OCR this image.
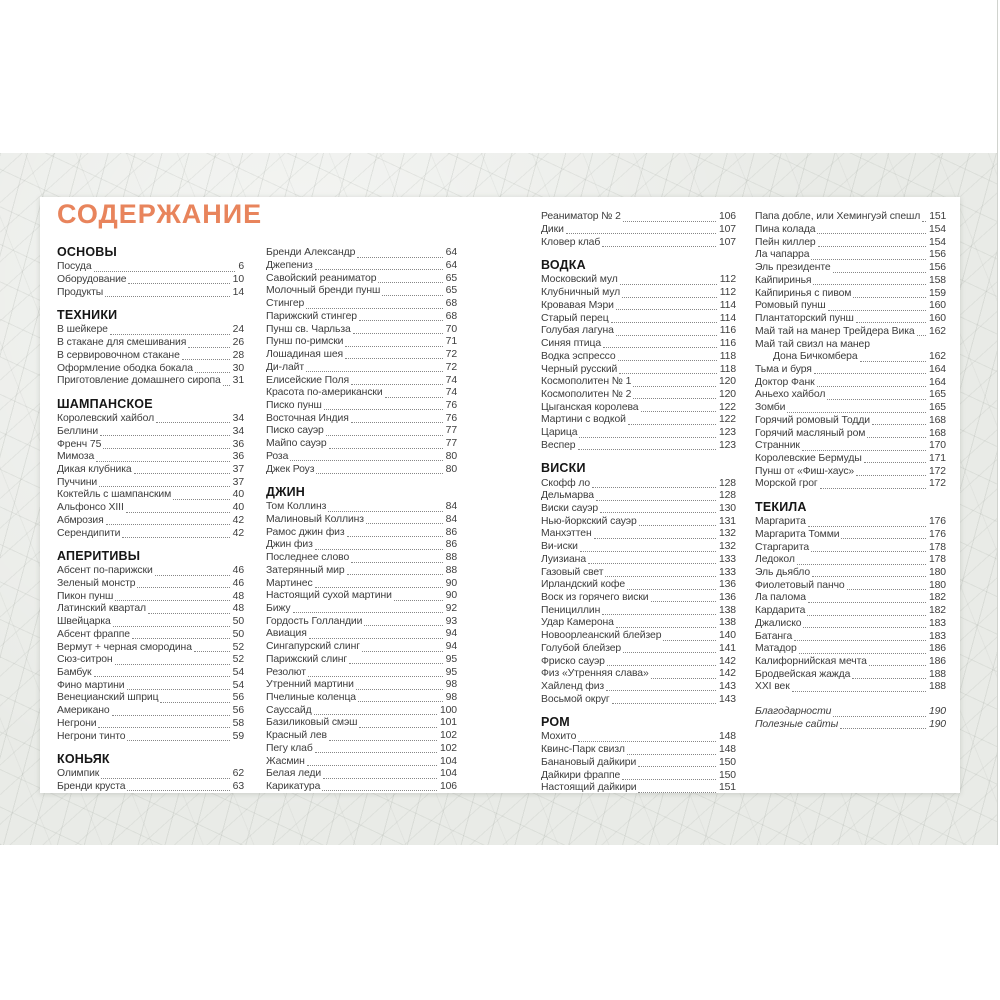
СОДЕРЖАНИЕ
ОСНОВЫ
Посуда	6
Оборудование	10
Продукты	14
ТЕХНИКИ
В шейкере	24
В стакане для смешивания	26
В сервировочном стакане	28
Оформление ободка бокала	30
Приготовление домашнего сиропа 31
ШАМПАНСКОЕ
Королевский хайбол	34
Беллини	34
Френч 75	36
Мимоза	36
Дикая клубника	37
Пуччини	37
Коктейль с шампанским	40
Альфонсо XIII	40
Абмрозия	42
Серендипити	42
АПЕРИТИВЫ
Абсент по-парижски	46
Зеленый монстр	46
Пикон пунш	48
Латинский квартал	48
Швейцарка	50
Абсент фраппе	50
Вермут + черная смородина	52
Сюз-ситрон	52
Бамбук	54
Фино мартини	54
Венецианский шприц	56
Американо	56
Негрони	58
Негрони тинто	59
КОНЬЯК
Олимпик	62
Бренди круста	63
Бренди Александр	64
Джепениз	64
Савойский реаниматор	65
Молочный бренди пунш	65
Стингер	68
Парижский стингер	68
Пунш св. Чарльза	70
Пунш по-римски	71
Лошадиная шея	72
Ди-лайт	72
Елисейские Поля	74
Красота по-американски	74
Писко пунш	76
Восточная Индия	76
Писко сауэр	77
Майпо сауэр	77
Роза	80
Джек Роуз	80
ДЖИН
Том Коллинз	84
Малиновый Коллинз	84
Рамос джин физ	86
Джин физ	86
Последнее слово	88
Затерянный мир	88
Мартинес	90
Настоящий сухой мартини	90
Бижу	92
Гордость Голландии	93
Авиация	94
Сингапурский слинг	94
Парижский слинг	95
Резолют	95
Утренний мартини	98
Пчелиные коленца	98
Сауссайд	100
Базиликовый смэш	101
Красный лев	102
Пегу клаб	102
Жасмин	104
Белая леди	104
Карикатура	106
Реаниматор № 2	106
Дики	107
Кловер клаб	107
ВОДКА
Московский мул	112
Клубничный мул	112
Кровавая Мэри	114
Старый перец	114
Голубая лагуна	116
Синяя птица	116
Водка эспрессо	118
Черный русский	118
Космополитен № 1	120
Космополитен № 2	120
Цыганская королева	122
Мартини с водкой	122
Царица	123
Веспер	123
ВИСКИ
Скофф ло	128
Дельмарва	128
Виски сауэр	130
Нью-йоркский сауэр	131
Манхэттен	132
Ви-иски	132
Луизиана	133
Газовый свет	133
Ирландский кофе	136
Воск из горячего виски	136
Пенициллин	138
Удар Камерона	138
Новоорлеанский блейзер	140
Голубой блейзер	141
Фриско сауэр	142
Физ «Утренняя слава»	142
Хайленд физ	143
Восьмой округ	143
РОМ
Мохито	148
Квинс-Парк свизл	148
Банановый дайкири	150
Дайкири фраппе	150
Настоящий дайкири	151
Папа добле, или Хемингуэй спешл 151
Пина колада	154
Пейн киллер	154
Ла чапарра	156
Эль президенте	156
Кайпиринья	158
Кайпиринья с пивом	159
Ромовый пунш	160
Плантаторский пунш	160
Май тай на манер Трейдера Вика 162
Май тай свизл на манер
Дона Бичкомбера	162
Тьма и буря	164
Доктор Фанк	164
Аньехо хайбол	165
Зомби	165
Горячий ромовый Тодди	168
Горячий масляный ром	168
Странник	170
Королевские Бермуды	171
Пунш от «Фиш-хаус»	172
Морской грог	172
ТЕКИЛА
Маргарита	176
Маргарита Томми	176
Старгарита	178
Ледокол	178
Эль дьябло	180
Фиолетовый панчо	180
Ла палома	182
Кардарита	182
Джалиско	183
Батанга	183
Матадор	186
Калифорнийская мечта	186
Бродвейская жажда	188
XXI век	188
Благодарности	190
Полезные сайты	190
